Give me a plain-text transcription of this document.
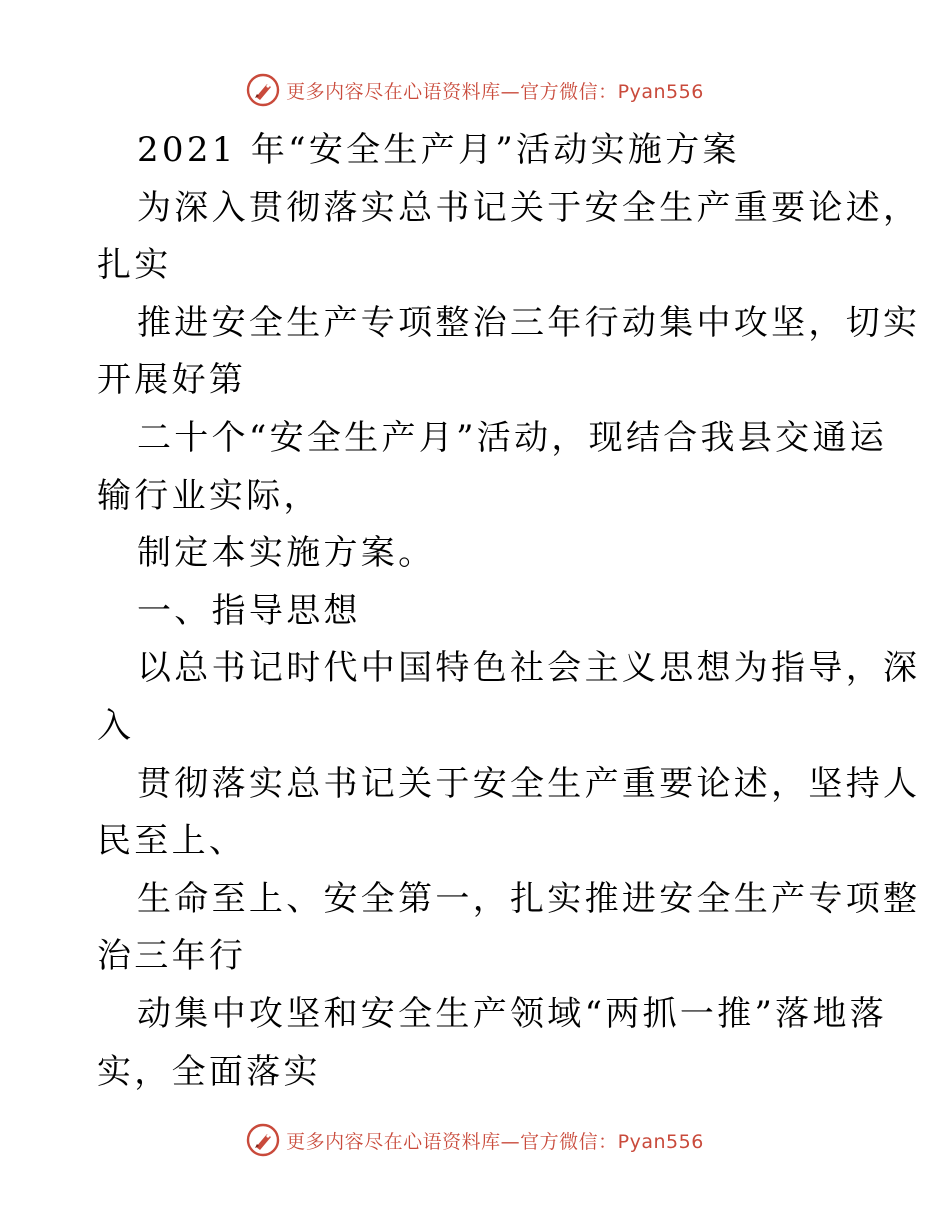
更多内容尽在心语资料库—官方微信：Pyan556
2021 年“安全生产月”活动实施方案
为深入贯彻落实总书记关于安全生产重要论述，
扎实
推进安全生产专项整治三年行动集中攻坚，切实
开展好第
二十个“安全生产月”活动，现结合我县交通运
输行业实际，
制定本实施方案。
一、指导思想
以总书记时代中国特色社会主义思想为指导，深
入
贯彻落实总书记关于安全生产重要论述，坚持人
民至上、
生命至上、安全第一，扎实推进安全生产专项整
治三年行
动集中攻坚和安全生产领域“两抓一推”落地落
实，全面落实
更多内容尽在心语资料库—官方微信：Pyan556
